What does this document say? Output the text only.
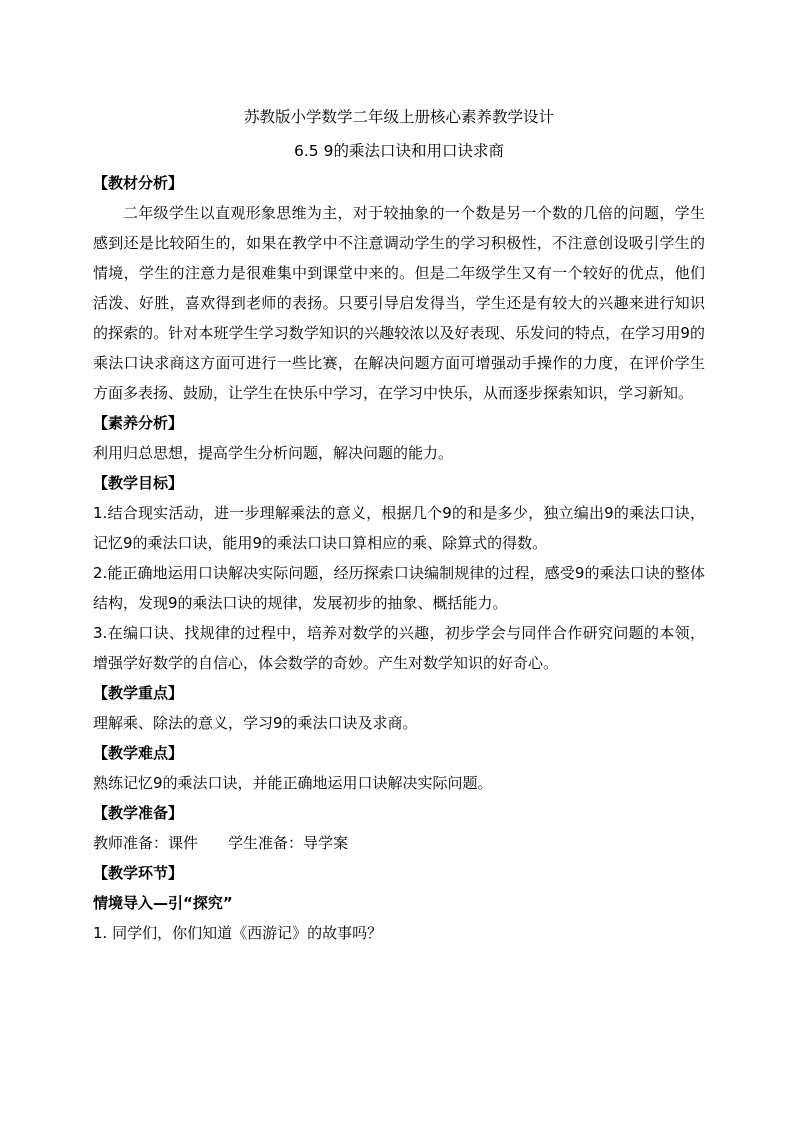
苏教版小学数学二年级上册核心素养教学设计

6.5 9的乘法口诀和用口诀求商

【教材分析】

二年级学生以直观形象思维为主，对于较抽象的一个数是另一个数的几倍的问题，学生感到还是比较陌生的，如果在教学中不注意调动学生的学习积极性，不注意创设吸引学生的情境，学生的注意力是很难集中到课堂中来的。但是二年级学生又有一个较好的优点，他们活泼、好胜，喜欢得到老师的表扬。只要引导启发得当，学生还是有较大的兴趣来进行知识的探索的。针对本班学生学习数学知识的兴趣较浓以及好表现、乐发问的特点，在学习用9的乘法口诀求商这方面可进行一些比赛，在解决问题方面可增强动手操作的力度，在评价学生方面多表扬、鼓励，让学生在快乐中学习，在学习中快乐，从而逐步探索知识，学习新知。

【素养分析】

利用归总思想，提高学生分析问题，解决问题的能力。

【教学目标】

1.结合现实活动，进一步理解乘法的意义，根据几个9的和是多少，独立编出9的乘法口诀，记忆9的乘法口诀，能用9的乘法口诀口算相应的乘、除算式的得数。

2.能正确地运用口诀解决实际问题，经历探索口诀编制规律的过程，感受9的乘法口诀的整体结构，发现9的乘法口诀的规律，发展初步的抽象、概括能力。

3.在编口诀、找规律的过程中，培养对数学的兴趣，初步学会与同伴合作研究问题的本领，增强学好数学的自信心，体会数学的奇妙。产生对数学知识的好奇心。

【教学重点】

理解乘、除法的意义，学习9的乘法口诀及求商。

【教学难点】

熟练记忆9的乘法口诀，并能正确地运用口诀解决实际问题。

【教学准备】

教师准备：课件 学生准备：导学案

【教学环节】

情境导入—引“探究”

1. 同学们，你们知道《西游记》的故事吗？
